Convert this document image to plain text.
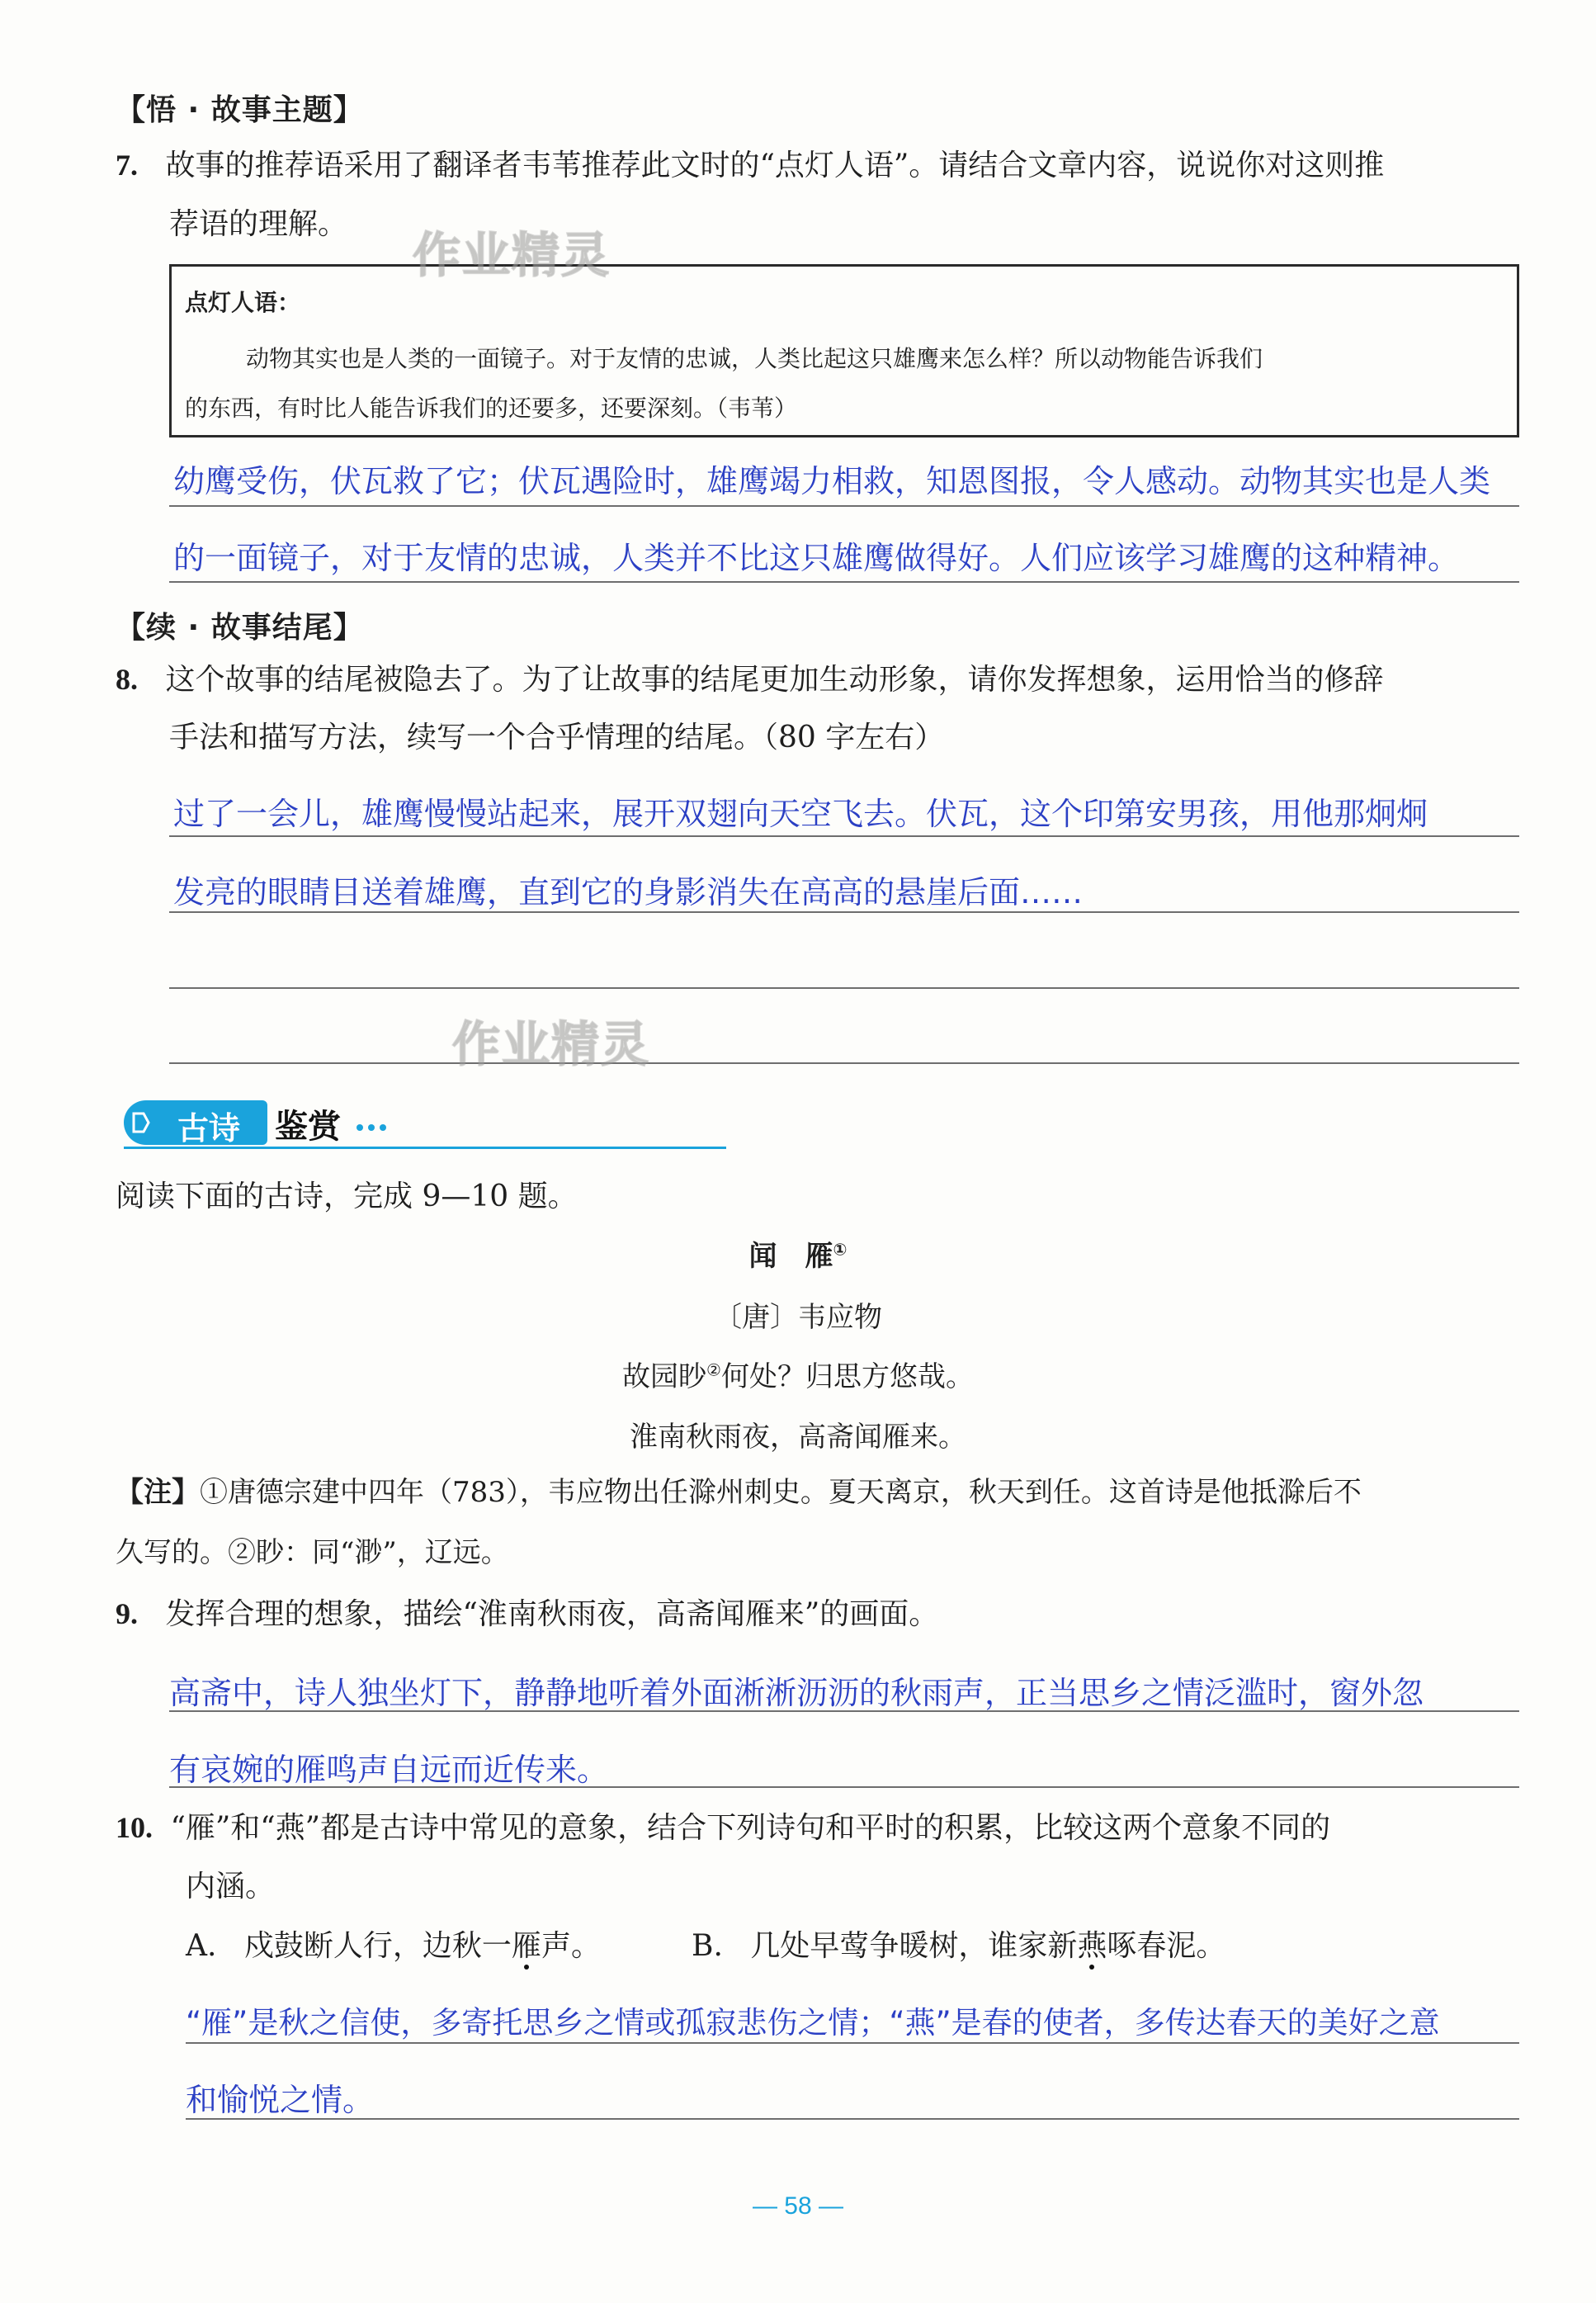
【悟 · 故事主题】
7. 故事的推荐语采用了翻译者韦苇推荐此文时的“点灯人语”。请结合文章内容，说说你对这则推
荐语的理解。
点灯人语：
动物其实也是人类的一面镜子。对于友情的忠诚，人类比起这只雄鹰来怎么样？所以动物能告诉我们
的东西，有时比人能告诉我们的还要多，还要深刻。（韦苇）
幼鹰受伤，伏瓦救了它；伏瓦遇险时，雄鹰竭力相救，知恩图报，令人感动。动物其实也是人类
的一面镜子，对于友情的忠诚，人类并不比这只雄鹰做得好。人们应该学习雄鹰的这种精神。
【续 · 故事结尾】
8. 这个故事的结尾被隐去了。为了让故事的结尾更加生动形象，请你发挥想象，运用恰当的修辞
手法和描写方法，续写一个合乎情理的结尾。（80 字左右）
过了一会儿，雄鹰慢慢站起来，展开双翅向天空飞去。伏瓦，这个印第安男孩，用他那炯炯
发亮的眼睛目送着雄鹰，直到它的身影消失在高高的悬崖后面……
作业精灵
作业精灵
古诗 鉴赏
阅读下面的古诗，完成 9—10 题。
闻　雁①
〔唐〕韦应物
故园眇②何处？归思方悠哉。
淮南秋雨夜，高斋闻雁来。
【注】①唐德宗建中四年（783），韦应物出任滁州刺史。夏天离京，秋天到任。这首诗是他抵滁后不
久写的。②眇：同“渺”，辽远。
9. 发挥合理的想象，描绘“淮南秋雨夜，高斋闻雁来”的画面。
高斋中，诗人独坐灯下，静静地听着外面淅淅沥沥的秋雨声，正当思乡之情泛滥时，窗外忽
有哀婉的雁鸣声自远而近传来。
10. “雁”和“燕”都是古诗中常见的意象，结合下列诗句和平时的积累，比较这两个意象不同的
内涵。
A. 戍鼓断人行，边秋一雁声。	B. 几处早莺争暖树，谁家新燕啄春泥。
“雁”是秋之信使，多寄托思乡之情或孤寂悲伤之情；“燕”是春的使者，多传达春天的美好之意
和愉悦之情。
— 58 —
